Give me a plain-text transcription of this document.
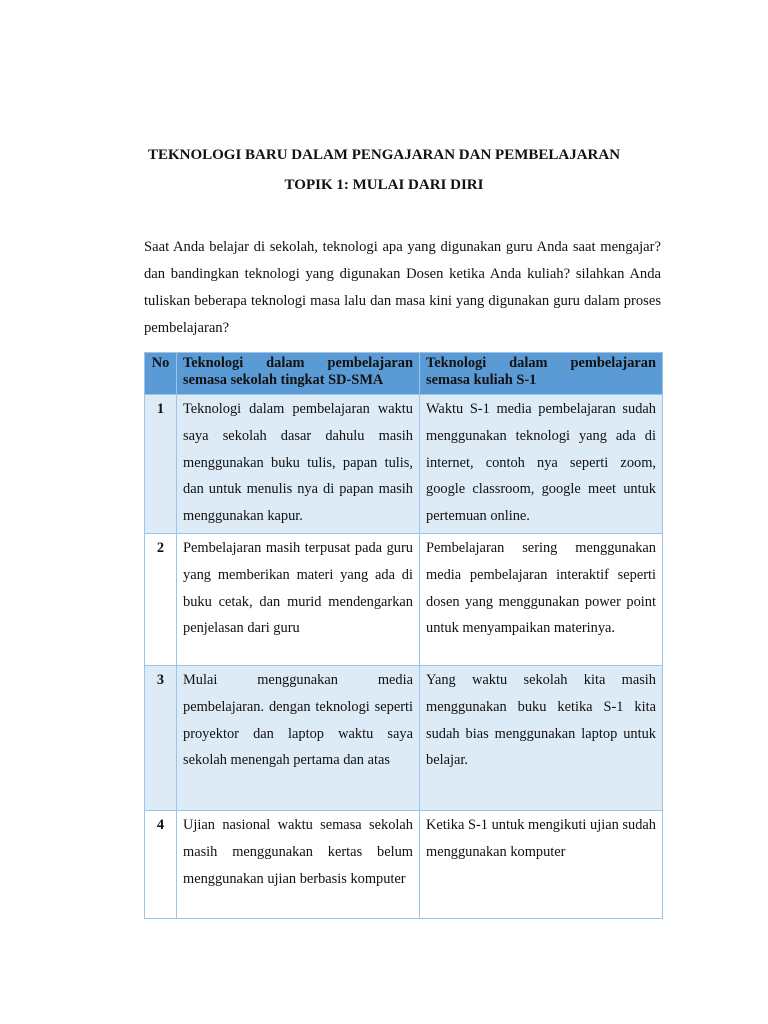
TEKNOLOGI BARU DALAM PENGAJARAN DAN PEMBELAJARAN
TOPIK 1: MULAI DARI DIRI

Saat Anda belajar di sekolah, teknologi apa yang digunakan guru Anda saat mengajar? dan bandingkan teknologi yang digunakan Dosen ketika Anda kuliah? silahkan Anda tuliskan beberapa teknologi masa lalu dan masa kini yang digunakan guru dalam proses pembelajaran?

No	Teknologi dalam pembelajaran semasa sekolah tingkat SD-SMA	Teknologi dalam pembelajaran semasa kuliah S-1
1	Teknologi dalam pembelajaran waktu saya sekolah dasar dahulu masih menggunakan buku tulis, papan tulis, dan untuk menulis nya di papan masih menggunakan kapur.	Waktu S-1 media pembelajaran sudah menggunakan teknologi yang ada di internet, contoh nya seperti zoom, google classroom, google meet untuk pertemuan online.
2	Pembelajaran masih terpusat pada guru yang memberikan materi yang ada di buku cetak, dan murid mendengarkan penjelasan dari guru	Pembelajaran sering menggunakan media pembelajaran interaktif seperti dosen yang menggunakan power point untuk menyampaikan materinya.
3	Mulai menggunakan media pembelajaran. dengan teknologi seperti proyektor dan laptop waktu saya sekolah menengah pertama dan atas	Yang waktu sekolah kita masih menggunakan buku ketika S-1 kita sudah bias menggunakan laptop untuk belajar.
4	Ujian nasional waktu semasa sekolah masih menggunakan kertas belum menggunakan ujian berbasis komputer	Ketika S-1 untuk mengikuti ujian sudah menggunakan komputer
